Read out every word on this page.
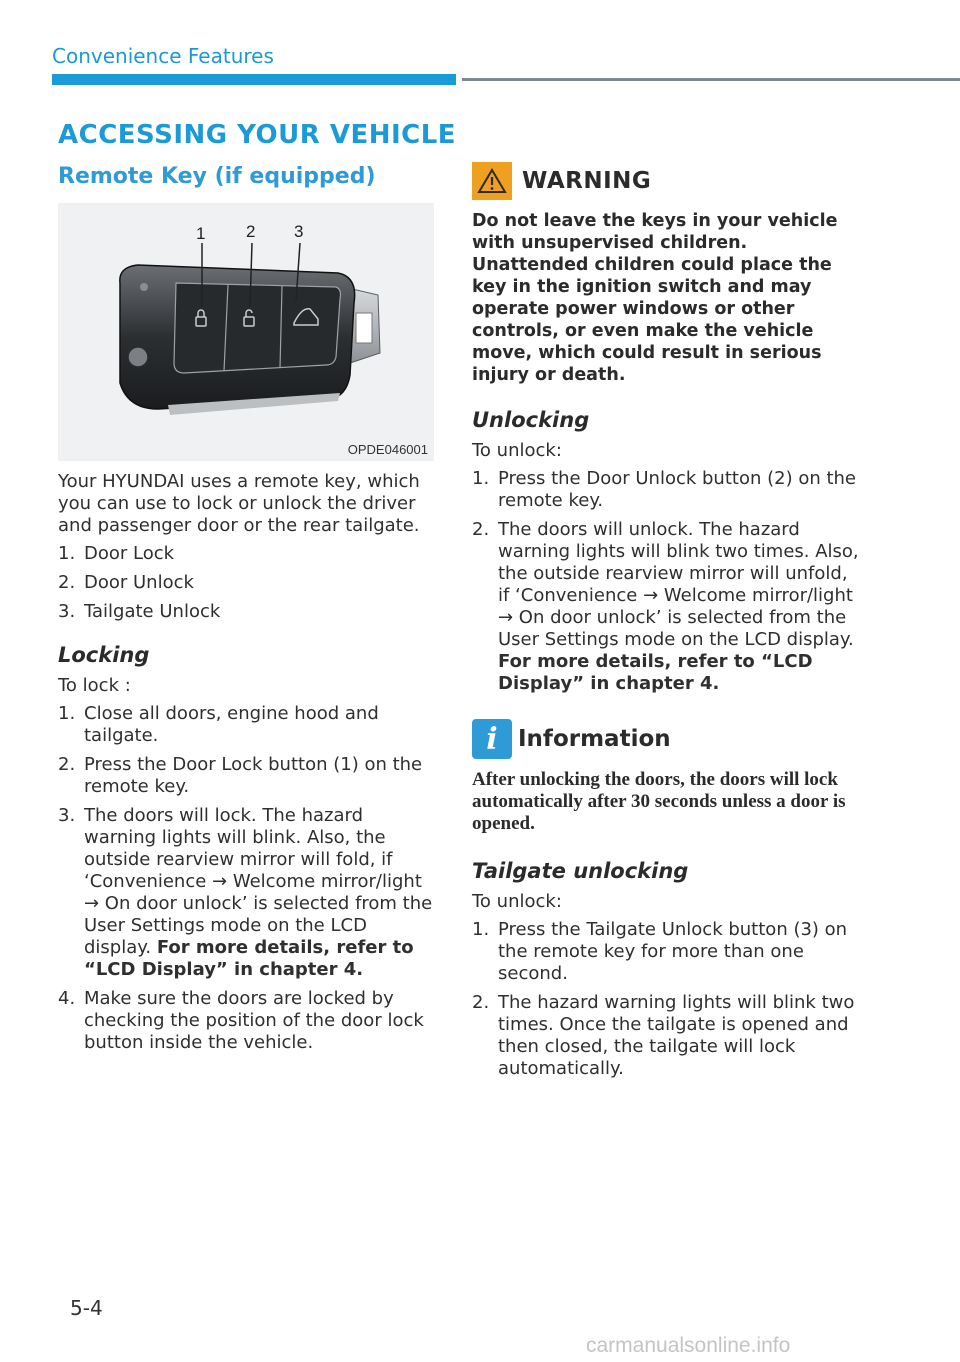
Convenience Features
ACCESSING YOUR VEHICLE
Remote Key (if equipped)
1 2 3
OPDE046001

Your HYUNDAI uses a remote key, which you can use to lock or unlock the driver and passenger door or the rear tailgate.

1. Door Lock
2. Door Unlock
3. Tailgate Unlock
Locking

To lock :

1. Close all doors, engine hood and tailgate.
2. Press the Door Lock button (1) on the remote key.
3. The doors will lock. The hazard warning lights will blink. Also, the outside rearview mirror will fold, if ‘Convenience → Welcome mirror/light → On door unlock’ is selected from the User Settings mode on the LCD display. For more details, refer to “LCD Display” in chapter 4.
4. Make sure the doors are locked by checking the position of the door lock button inside the vehicle.
WARNING

Do not leave the keys in your vehicle with unsupervised children. Unattended children could place the key in the ignition switch and may operate power windows or other controls, or even make the vehicle move, which could result in serious injury or death.

Unlocking

To unlock:

1. Press the Door Unlock button (2) on the remote key.
2. The doors will unlock. The hazard warning lights will blink two times. Also, the outside rearview mirror will unfold, if ‘Convenience → Welcome mirror/light → On door unlock’ is selected from the User Settings mode on the LCD display. For more details, refer to “LCD Display” in chapter 4.
i Information

After unlocking the doors, the doors will lock automatically after 30 seconds unless a door is opened.

Tailgate unlocking

To unlock:

1. Press the Tailgate Unlock button (3) on the remote key for more than one second.
2. The hazard warning lights will blink two times. Once the tailgate is opened and then closed, the tailgate will lock automatically.
5-4
carmanualsonline.info
